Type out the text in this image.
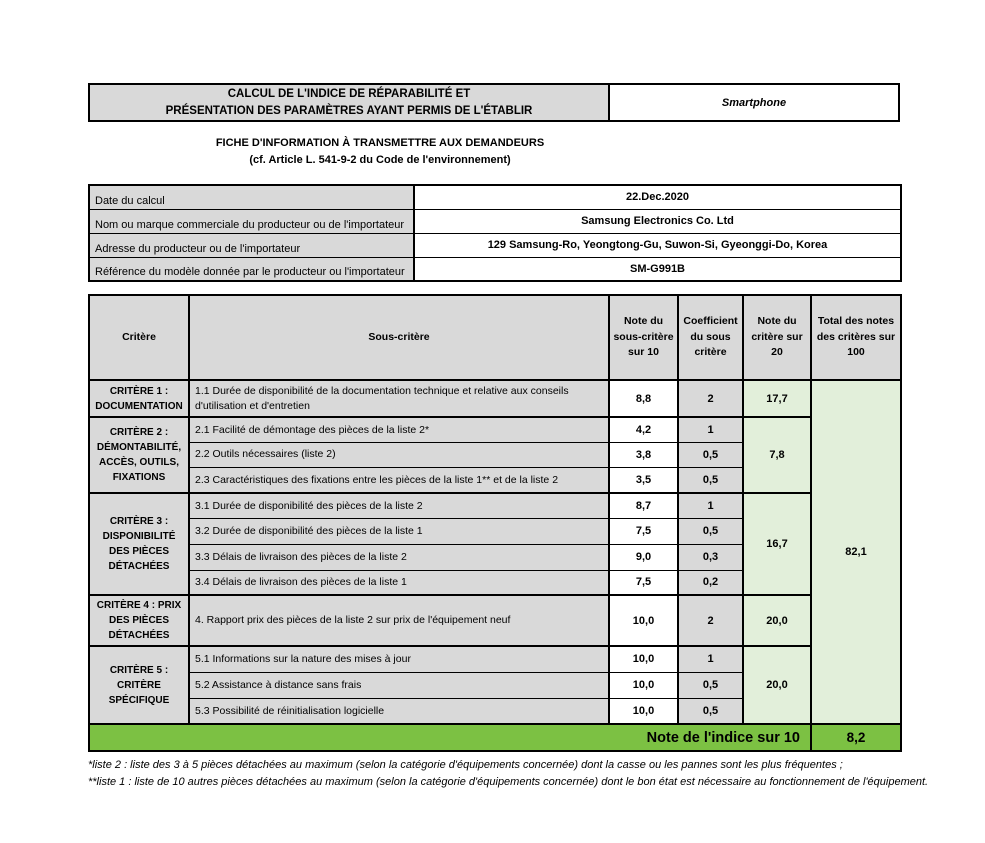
CALCUL DE L'INDICE DE RÉPARABILITÉ ET
PRÉSENTATION DES PARAMÈTRES AYANT PERMIS DE L'ÉTABLIR
Smartphone
FICHE D'INFORMATION À TRANSMETTRE AUX DEMANDEURS
(cf. Article L. 541-9-2 du Code de l'environnement)
Date du calcul	22.Dec.2020
Nom ou marque commerciale du producteur ou de l'importateur	Samsung Electronics Co. Ltd
Adresse du producteur ou de l'importateur	129 Samsung-Ro, Yeongtong-Gu, Suwon-Si, Gyeonggi-Do, Korea
Référence du modèle donnée par le producteur ou l'importateur	SM-G991B
Critère	Sous-critère	Note du sous-critère sur 10	Coefficient du sous critère	Note du critère sur 20	Total des notes des critères sur 100
CRITÈRE 1 : DOCUMENTATION	1.1 Durée de disponibilité de la documentation technique et relative aux conseils d'utilisation et d'entretien	8,8	2	17,7	82,1
CRITÈRE 2 : DÉMONTABILITÉ, ACCÈS, OUTILS, FIXATIONS	2.1 Facilité de démontage des pièces de la liste 2*	4,2	1	7,8	
	2.2 Outils nécessaires (liste 2)	3,8	0,5		
	2.3 Caractéristiques des fixations entre les pièces de la liste 1** et de la liste 2	3,5	0,5		
CRITÈRE 3 : DISPONIBILITÉ DES PIÈCES DÉTACHÉES	3.1 Durée de disponibilité des pièces de la liste 2	8,7	1	16,7	
	3.2 Durée de disponibilité des pièces de la liste 1	7,5	0,5		
	3.3 Délais de livraison des pièces de la liste 2	9,0	0,3		
	3.4 Délais de livraison des pièces de la liste 1	7,5	0,2		
CRITÈRE 4 : PRIX DES PIÈCES DÉTACHÉES	4. Rapport prix des pièces de la liste 2 sur prix de l'équipement neuf	10,0	2	20,0	
CRITÈRE 5 : CRITÈRE SPÉCIFIQUE	5.1 Informations sur la nature des mises à jour	10,0	1	20,0	
	5.2 Assistance à distance sans frais	10,0	0,5		
	5.3 Possibilité de réinitialisation logicielle	10,0	0,5		
Note de l'indice sur 10					8,2
*liste 2 : liste des 3 à 5 pièces détachées au maximum (selon la catégorie d'équipements concernée) dont la casse ou les pannes sont les plus fréquentes ;
**liste 1 : liste de 10 autres pièces détachées au maximum (selon la catégorie d'équipements concernée) dont le bon état est nécessaire au fonctionnement de l'équipement.
